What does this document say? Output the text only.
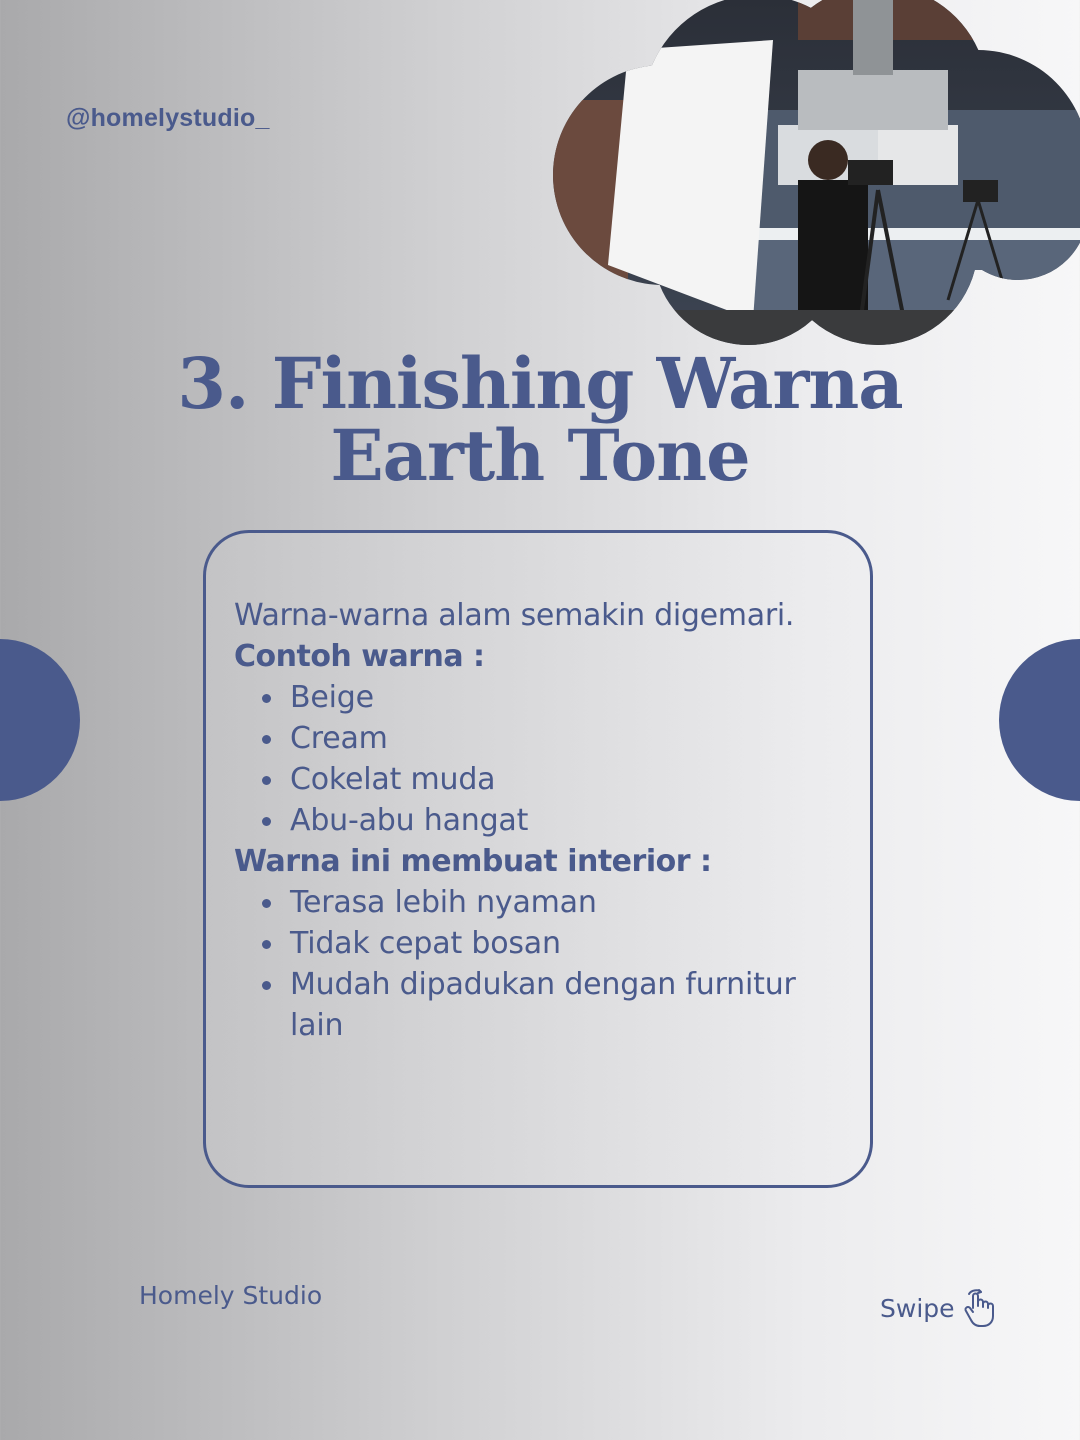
@homelystudio_
3. Finishing Warna
Earth Tone
Warna-warna alam semakin digemari.
Contoh warna :
Beige
Cream
Cokelat muda
Abu-abu hangat
Warna ini membuat interior :
Terasa lebih nyaman
Tidak cepat bosan
Mudah dipadukan dengan furnitur lain
Homely Studio	Swipe
